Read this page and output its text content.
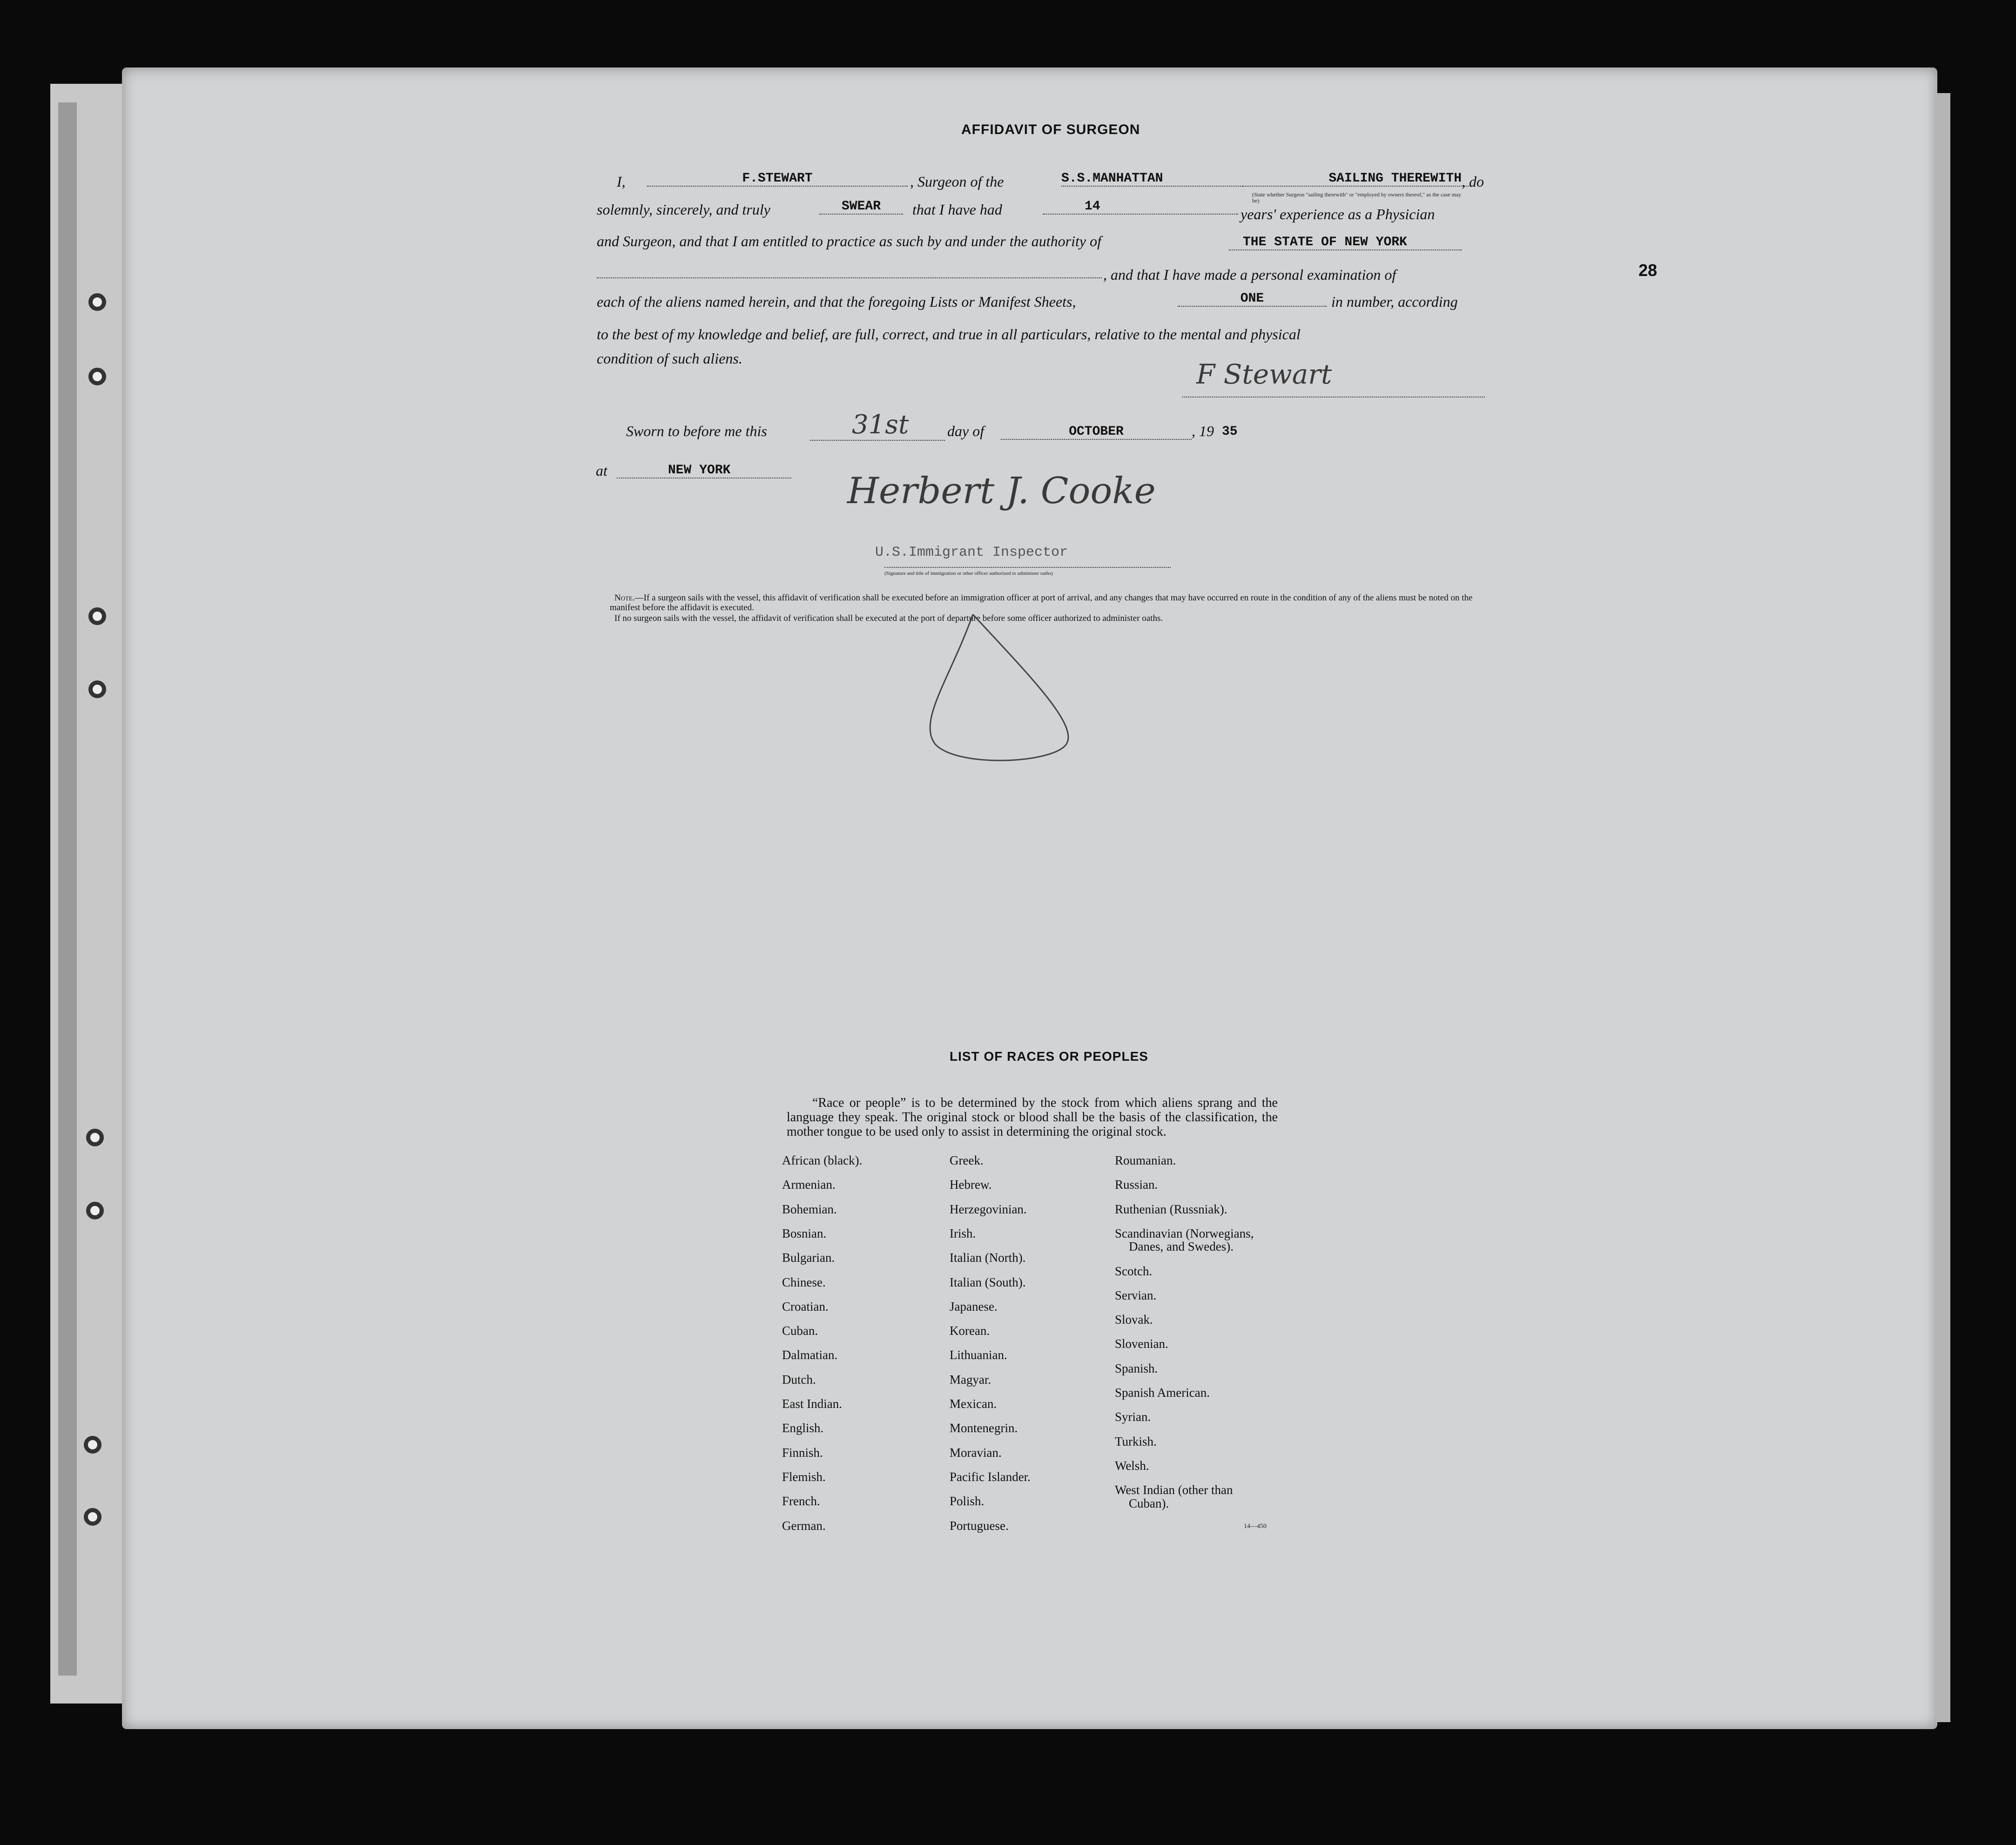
AFFIDAVIT OF SURGEON
I,	F.STEWART	, Surgeon of the	S.S.MANHATTAN	SAILING THEREWITH , do
(State whether Surgeon "sailing therewith" or "employed by owners thereof," as the case may be)
solemnly, sincerely, and truly	SWEAR	that I have had	14	years' experience as a Physician
and Surgeon, and that I am entitled to practice as such by and under the authority of	THE STATE OF NEW YORK
, and that I have made a personal examination of
each of the aliens named herein, and that the foregoing Lists or Manifest Sheets,	ONE	in number, according
to the best of my knowledge and belief, are full, correct, and true in all particulars, relative to the mental and physical
condition of such aliens.	F Stewart
Sworn to before me this	31st	day of	OCTOBER	, 19 35
at	NEW YORK	Herbert J. Cooke
U.S.Immigrant Inspector
(Signature and title of immigration or other officer authorized to administer oaths)
Note.—If a surgeon sails with the vessel, this affidavit of verification shall be executed before an immigration officer at port of arrival, and any changes that may have occurred en route in the condition of any of the aliens must be noted on the manifest before the affidavit is executed.
If no surgeon sails with the vessel, the affidavit of verification shall be executed at the port of departure before some officer authorized to administer oaths.
28
LIST OF RACES OR PEOPLES
“Race or people” is to be determined by the stock from which aliens sprang and the language they speak. The original stock or blood shall be the basis of the classification, the mother tongue to be used only to assist in determining the original stock.
African (black).
Armenian.
Bohemian.
Bosnian.
Bulgarian.
Chinese.
Croatian.
Cuban.
Dalmatian.
Dutch.
East Indian.
English.
Finnish.
Flemish.
French.
German.
Greek.
Hebrew.
Herzegovinian.
Irish.
Italian (North).
Italian (South).
Japanese.
Korean.
Lithuanian.
Magyar.
Mexican.
Montenegrin.
Moravian.
Pacific Islander.
Polish.
Portuguese.
Roumanian.
Russian.
Ruthenian (Russniak).
Scandinavian (Norwegians,
Danes, and Swedes).
Scotch.
Servian.
Slovak.
Slovenian.
Spanish.
Spanish American.
Syrian.
Turkish.
Welsh.
West Indian (other than
Cuban).
14—450
